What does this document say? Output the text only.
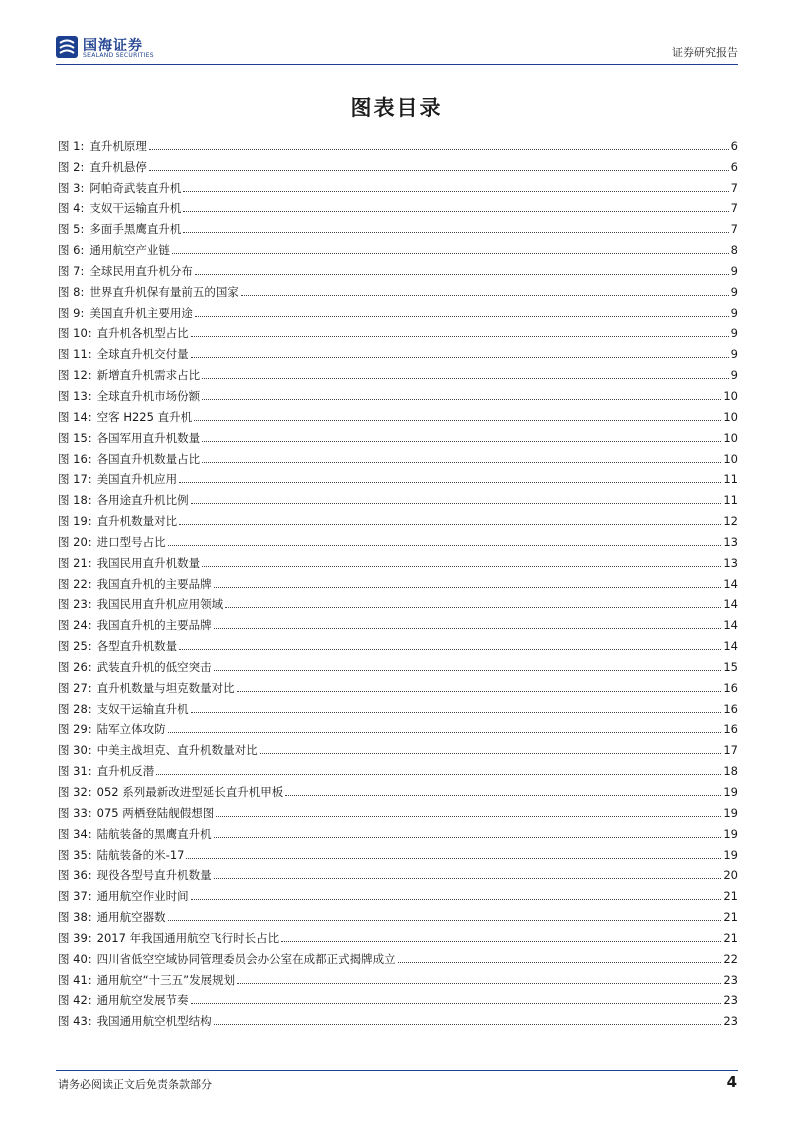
国海证券
SEALAND SECURITIES	证券研究报告
图表目录
图 1: 直升机原理	6
图 2: 直升机悬停	6
图 3: 阿帕奇武装直升机	7
图 4: 支奴干运输直升机	7
图 5: 多面手黑鹰直升机	7
图 6: 通用航空产业链	8
图 7: 全球民用直升机分布	9
图 8: 世界直升机保有量前五的国家	9
图 9: 美国直升机主要用途	9
图 10: 直升机各机型占比	9
图 11: 全球直升机交付量	9
图 12: 新增直升机需求占比	9
图 13: 全球直升机市场份额	10
图 14: 空客 H225 直升机	10
图 15: 各国军用直升机数量	10
图 16: 各国直升机数量占比	10
图 17: 美国直升机应用	11
图 18: 各用途直升机比例	11
图 19: 直升机数量对比	12
图 20: 进口型号占比	13
图 21: 我国民用直升机数量	13
图 22: 我国直升机的主要品牌	14
图 23: 我国民用直升机应用领域	14
图 24: 我国直升机的主要品牌	14
图 25: 各型直升机数量	14
图 26: 武装直升机的低空突击	15
图 27: 直升机数量与坦克数量对比	16
图 28: 支奴干运输直升机	16
图 29: 陆军立体攻防	16
图 30: 中美主战坦克、直升机数量对比	17
图 31: 直升机反潜	18
图 32: 052 系列最新改进型延长直升机甲板	19
图 33: 075 两栖登陆舰假想图	19
图 34: 陆航装备的黑鹰直升机	19
图 35: 陆航装备的米-17	19
图 36: 现役各型号直升机数量	20
图 37: 通用航空作业时间	21
图 38: 通用航空器数	21
图 39: 2017 年我国通用航空飞行时长占比	21
图 40: 四川省低空空域协同管理委员会办公室在成都正式揭牌成立	22
图 41: 通用航空“十三五”发展规划	23
图 42: 通用航空发展节奏	23
图 43: 我国通用航空机型结构	23
请务必阅读正文后免责条款部分	4
